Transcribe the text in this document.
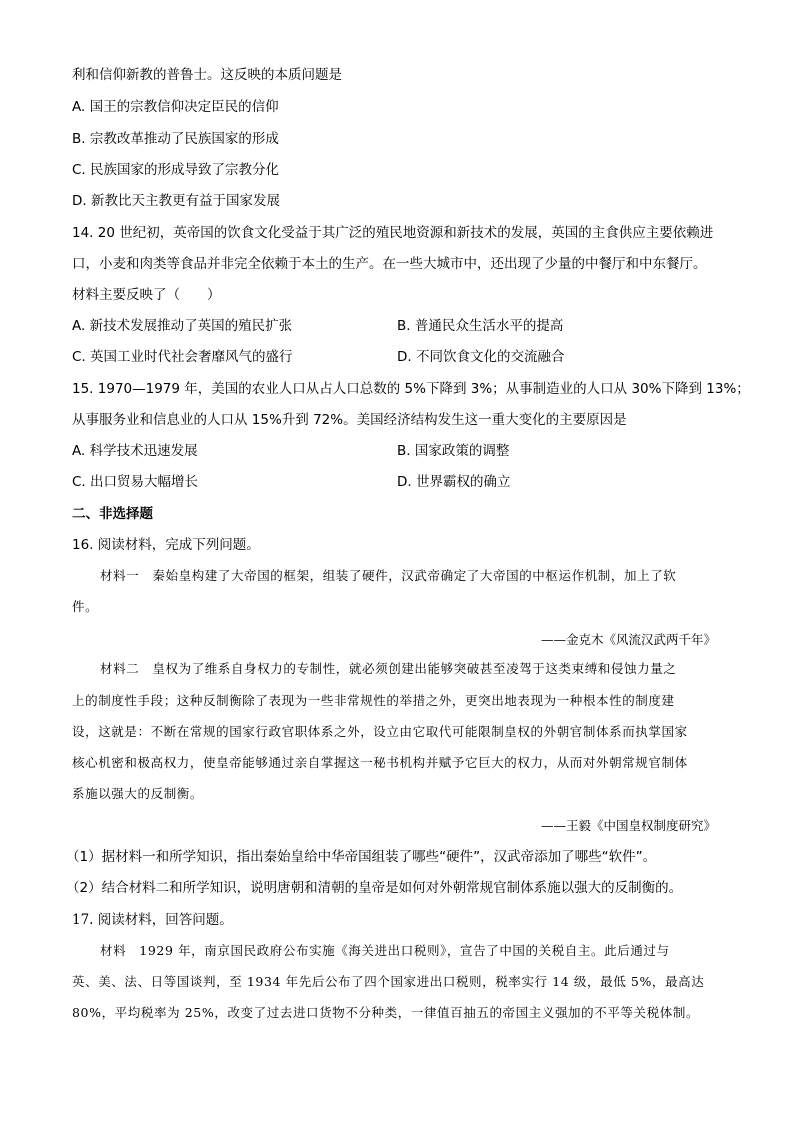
利和信仰新教的普鲁士。这反映的本质问题是
A. 国王的宗教信仰决定臣民的信仰
B. 宗教改革推动了民族国家的形成
C. 民族国家的形成导致了宗教分化
D. 新教比天主教更有益于国家发展
14. 20 世纪初，英帝国的饮食文化受益于其广泛的殖民地资源和新技术的发展，英国的主食供应主要依赖进
口，小麦和肉类等食品并非完全依赖于本土的生产。在一些大城市中，还出现了少量的中餐厅和中东餐厅。
材料主要反映了（　　）
A. 新技术发展推动了英国的殖民扩张	B. 普通民众生活水平的提高
C. 英国工业时代社会奢靡风气的盛行	D. 不同饮食文化的交流融合
15. 1970—1979 年，美国的农业人口从占人口总数的 5%下降到 3%；从事制造业的人口从 30%下降到 13%；
从事服务业和信息业的人口从 15%升到 72%。美国经济结构发生这一重大变化的主要原因是
A. 科学技术迅速发展	B. 国家政策的调整
C. 出口贸易大幅增长	D. 世界霸权的确立
二、非选择题
16. 阅读材料，完成下列问题。
材料一　秦始皇构建了大帝国的框架，组装了硬件，汉武帝确定了大帝国的中枢运作机制，加上了软
件。
——金克木《风流汉武两千年》
材料二　皇权为了维系自身权力的专制性，就必须创建出能够突破甚至凌驾于这类束缚和侵蚀力量之
上的制度性手段；这种反制衡除了表现为一些非常规性的举措之外，更突出地表现为一种根本性的制度建
设，这就是：不断在常规的国家行政官职体系之外，设立由它取代可能限制皇权的外朝官制体系而执掌国家
核心机密和极高权力，使皇帝能够通过亲自掌握这一秘书机构并赋予它巨大的权力，从而对外朝常规官制体
系施以强大的反制衡。
——王毅《中国皇权制度研究》
（1）据材料一和所学知识，指出秦始皇给中华帝国组装了哪些“硬件”，汉武帝添加了哪些“软件”。
（2）结合材料二和所学知识，说明唐朝和清朝的皇帝是如何对外朝常规官制体系施以强大的反制衡的。
17. 阅读材料，回答问题。
材料　1929 年，南京国民政府公布实施《海关进出口税则》，宣告了中国的关税自主。此后通过与
英、美、法、日等国谈判，至 1934 年先后公布了四个国家进出口税则，税率实行 14 级，最低 5%，最高达
80%，平均税率为 25%，改变了过去进口货物不分种类，一律值百抽五的帝国主义强加的不平等关税体制。
